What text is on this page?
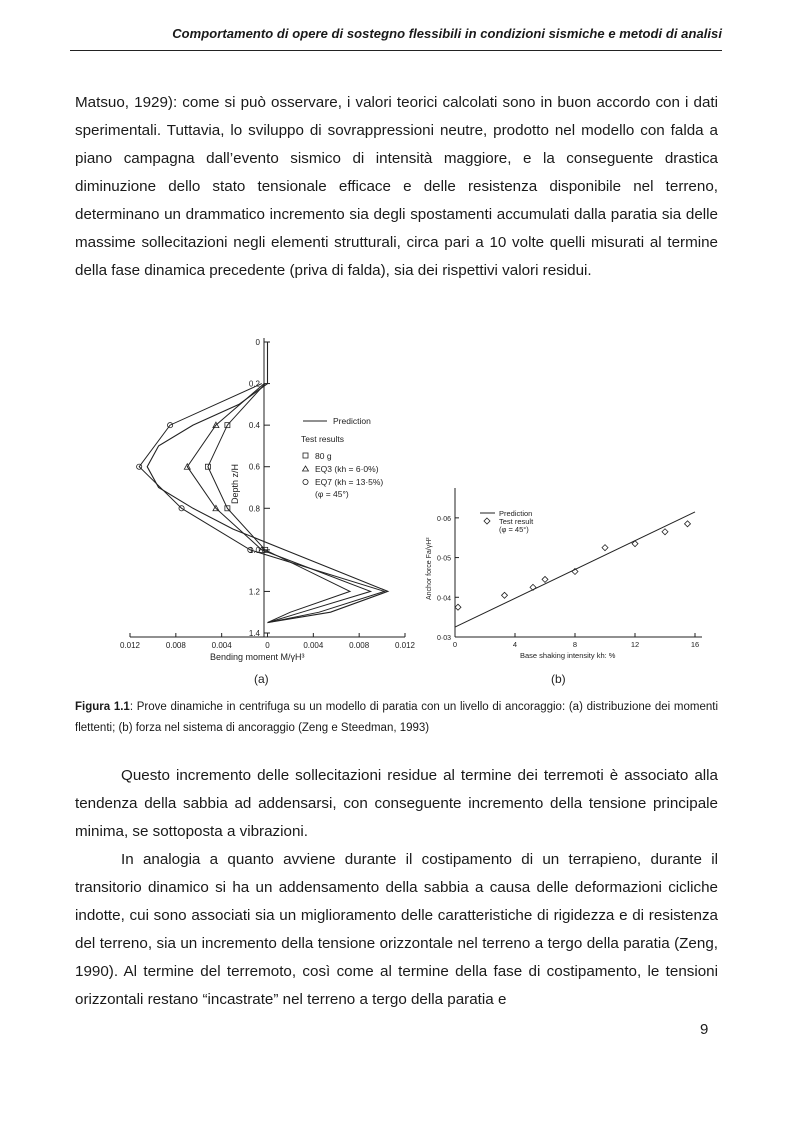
Comportamento di opere di sostegno flessibili in condizioni sismiche e metodi di analisi

Matsuo, 1929): come si può osservare, i valori teorici calcolati sono in buon accordo con i dati sperimentali. Tuttavia, lo sviluppo di sovrappressioni neutre, prodotto nel modello con falda a piano campagna dall’evento sismico di intensità maggiore, e la conseguente drastica diminuzione dello stato tensionale efficace e delle resistenza disponibile nel terreno, determinano un drammatico incremento sia degli spostamenti accumulati dalla paratia sia delle massime sollecitazioni negli elementi strutturali, circa pari a 10 volte quelli misurati al termine della fase dinamica precedente (priva di falda), sia dei rispettivi valori residui.

0.012	0.008	0.004	0	0.004	0.008	0.012
0
0.2
0.4
0.6
0.8
1.0
1.2
1.4
Bending moment M/γH³
Depth z/H
Prediction
Test results
80 g
EQ3 (kh = 6·0%)
EQ7 (kh = 13·5%)
(φ = 45°)
(a)
0	4	8	12	16
0·03
0·04
0·05
0·06
Base shaking intensity kh: %
Anchor force Fa/γH²
Prediction
Test result
(φ = 45°)
(b)

Figura 1.1: Prove dinamiche in centrifuga su un modello di paratia con un livello di ancoraggio: (a) distribuzione dei momenti flettenti; (b) forza nel sistema di ancoraggio (Zeng e Steedman, 1993)

Questo incremento delle sollecitazioni residue al termine dei terremoti è associato alla tendenza della sabbia ad addensarsi, con conseguente incremento della tensione principale minima, se sottoposta a vibrazioni.

In analogia a quanto avviene durante il costipamento di un terrapieno, durante il transitorio dinamico si ha un addensamento della sabbia a causa delle deformazioni cicliche indotte, cui sono associati sia un miglioramento delle caratteristiche di rigidezza e di resistenza del terreno, sia un incremento della tensione orizzontale nel terreno a tergo della paratia (Zeng, 1990). Al termine del terremoto, così come al termine della fase di costipamento, le tensioni orizzontali restano “incastrate” nel terreno a tergo della paratia e

9
